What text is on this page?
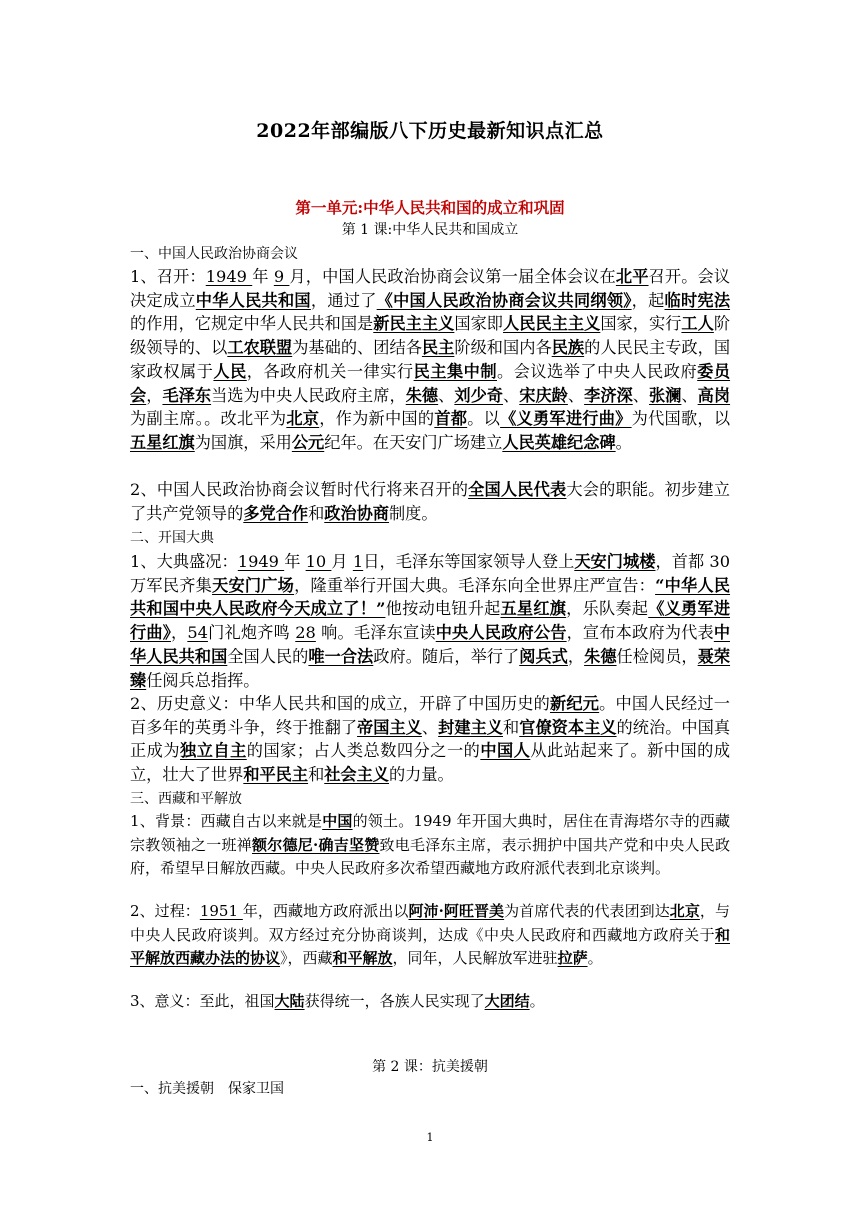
2022年部编版八下历史最新知识点汇总
第一单元:中华人民共和国的成立和巩固
第 1 课:中华人民共和国成立
一、中国人民政治协商会议
1、召开：1949 年 9 月，中国人民政治协商会议第一届全体会议在北平召开。会议决定成立中华人民共和国，通过了《中国人民政治协商会议共同纲领》，起临时宪法的作用，它规定中华人民共和国是新民主主义国家即人民民主主义国家，实行工人阶级领导的、以工农联盟为基础的、团结各民主阶级和国内各民族的人民民主专政，国家政权属于人民，各政府机关一律实行民主集中制。会议选举了中央人民政府委员会，毛泽东当选为中央人民政府主席，朱德、刘少奇、宋庆龄、李济深、张澜、高岗为副主席。。改北平为北京，作为新中国的首都。以《义勇军进行曲》为代国歌，以五星红旗为国旗，采用公元纪年。在天安门广场建立人民英雄纪念碑。
2、中国人民政治协商会议暂时代行将来召开的全国人民代表大会的职能。初步建立了共产党领导的多党合作和政治协商制度。
二、开国大典
1、大典盛况：1949 年 10 月 1日，毛泽东等国家领导人登上天安门城楼，首都 30 万军民齐集天安门广场，隆重举行开国大典。毛泽东向全世界庄严宣告：“中华人民共和国中央人民政府今天成立了！”他按动电钮升起五星红旗，乐队奏起《义勇军进行曲》，54门礼炮齐鸣 28 响。毛泽东宣读中央人民政府公告，宣布本政府为代表中华人民共和国全国人民的唯一合法政府。随后，举行了阅兵式，朱德任检阅员，聂荣臻任阅兵总指挥。
2、历史意义：中华人民共和国的成立，开辟了中国历史的新纪元。中国人民经过一百多年的英勇斗争，终于推翻了帝国主义、封建主义和官僚资本主义的统治。中国真正成为独立自主的国家；占人类总数四分之一的中国人从此站起来了。新中国的成立，壮大了世界和平民主和社会主义的力量。
三、西藏和平解放
1、背景：西藏自古以来就是中国的领土。1949 年开国大典时，居住在青海塔尔寺的西藏宗教领袖之一班禅额尔德尼·确吉坚赞致电毛泽东主席，表示拥护中国共产党和中央人民政府，希望早日解放西藏。中央人民政府多次希望西藏地方政府派代表到北京谈判。
2、过程：1951 年，西藏地方政府派出以阿沛·阿旺晋美为首席代表的代表团到达北京，与中央人民政府谈判。双方经过充分协商谈判，达成《中央人民政府和西藏地方政府关于和平解放西藏办法的协议》，西藏和平解放，同年，人民解放军进驻拉萨。
3、意义：至此，祖国大陆获得统一，各族人民实现了大团结。
第 2 课：抗美援朝
一、抗美援朝　保家卫国
1
